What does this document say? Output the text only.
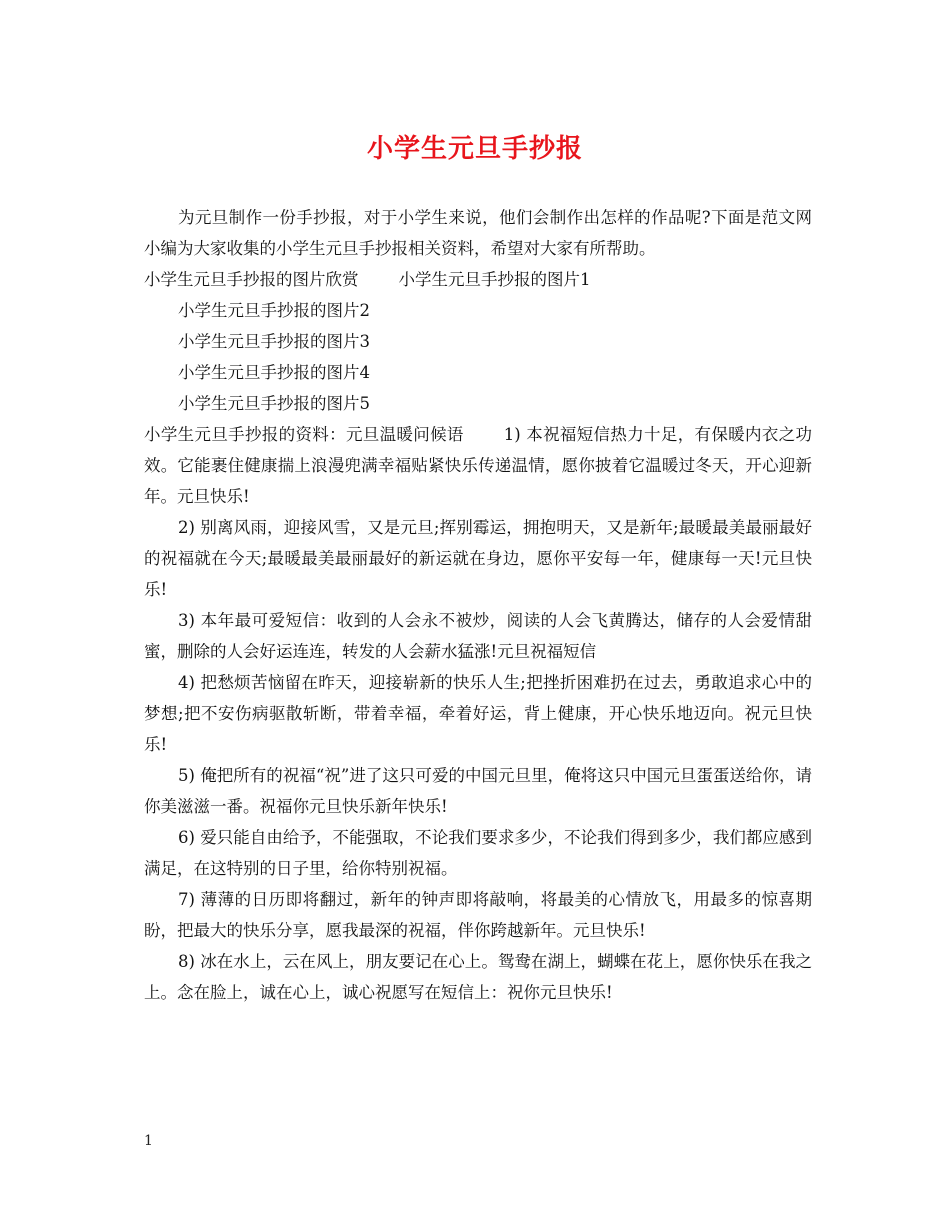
小学生元旦手抄报

为元旦制作一份手抄报，对于小学生来说，他们会制作出怎样的作品呢?下面是范文网小编为大家收集的小学生元旦手抄报相关资料，希望对大家有所帮助。

小学生元旦手抄报的图片欣赏 小学生元旦手抄报的图片1

小学生元旦手抄报的图片2

小学生元旦手抄报的图片3

小学生元旦手抄报的图片4

小学生元旦手抄报的图片5

小学生元旦手抄报的资料：元旦温暖问候语 1) 本祝福短信热力十足，有保暖内衣之功效。它能裹住健康揣上浪漫兜满幸福贴紧快乐传递温情，愿你披着它温暖过冬天，开心迎新年。元旦快乐!

2) 别离风雨，迎接风雪，又是元旦;挥别霉运，拥抱明天，又是新年;最暖最美最丽最好的祝福就在今天;最暖最美最丽最好的新运就在身边，愿你平安每一年，健康每一天!元旦快乐!

3) 本年最可爱短信：收到的人会永不被炒，阅读的人会飞黄腾达，储存的人会爱情甜蜜，删除的人会好运连连，转发的人会薪水猛涨!元旦祝福短信

4) 把愁烦苦恼留在昨天，迎接崭新的快乐人生;把挫折困难扔在过去，勇敢追求心中的梦想;把不安伤病驱散斩断，带着幸福，牵着好运，背上健康，开心快乐地迈向。祝元旦快乐!

5) 俺把所有的祝福“祝”进了这只可爱的中国元旦里，俺将这只中国元旦蛋蛋送给你，请你美滋滋一番。祝福你元旦快乐新年快乐!

6) 爱只能自由给予，不能强取，不论我们要求多少，不论我们得到多少，我们都应感到满足，在这特别的日子里，给你特别祝福。

7) 薄薄的日历即将翻过，新年的钟声即将敲响，将最美的心情放飞，用最多的惊喜期盼，把最大的快乐分享，愿我最深的祝福，伴你跨越新年。元旦快乐!

8) 冰在水上，云在风上，朋友要记在心上。鸳鸯在湖上，蝴蝶在花上，愿你快乐在我之上。念在脸上，诚在心上，诚心祝愿写在短信上：祝你元旦快乐!

1
